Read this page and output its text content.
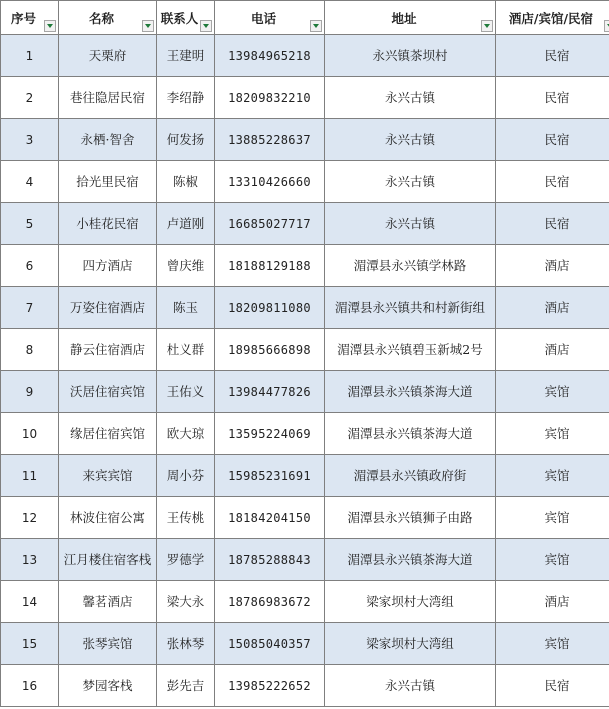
序号	名称	联系人	电话	地址	酒店/宾馆/民宿

1	天栗府	王建明	13984965218	永兴镇茶坝村	民宿
2	巷往隐居民宿	李绍静	18209832210	永兴古镇	民宿
3	永栖·智舍	何发扬	13885228637	永兴古镇	民宿
4	拾光里民宿	陈椒	13310426660	永兴古镇	民宿
5	小桂花民宿	卢道刚	16685027717	永兴古镇	民宿
6	四方酒店	曾庆维	18188129188	湄潭县永兴镇学林路	酒店
7	万姿住宿酒店	陈玉	18209811080	湄潭县永兴镇共和村新街组	酒店
8	静云住宿酒店	杜义群	18985666898	湄潭县永兴镇碧玉新城2号	酒店
9	沃居住宿宾馆	王佑义	13984477826	湄潭县永兴镇茶海大道	宾馆
10	缘居住宿宾馆	欧大琼	13595224069	湄潭县永兴镇茶海大道	宾馆
11	来宾宾馆	周小芬	15985231691	湄潭县永兴镇政府街	宾馆
12	林波住宿公寓	王传桃	18184204150	湄潭县永兴镇狮子由路	宾馆
13	江月楼住宿客栈	罗德学	18785288843	湄潭县永兴镇茶海大道	宾馆
14	馨茗酒店	梁大永	18786983672	梁家坝村大湾组	酒店
15	张琴宾馆	张林琴	15085040357	梁家坝村大湾组	宾馆
16	梦园客栈	彭先吉	13985222652	永兴古镇	民宿
